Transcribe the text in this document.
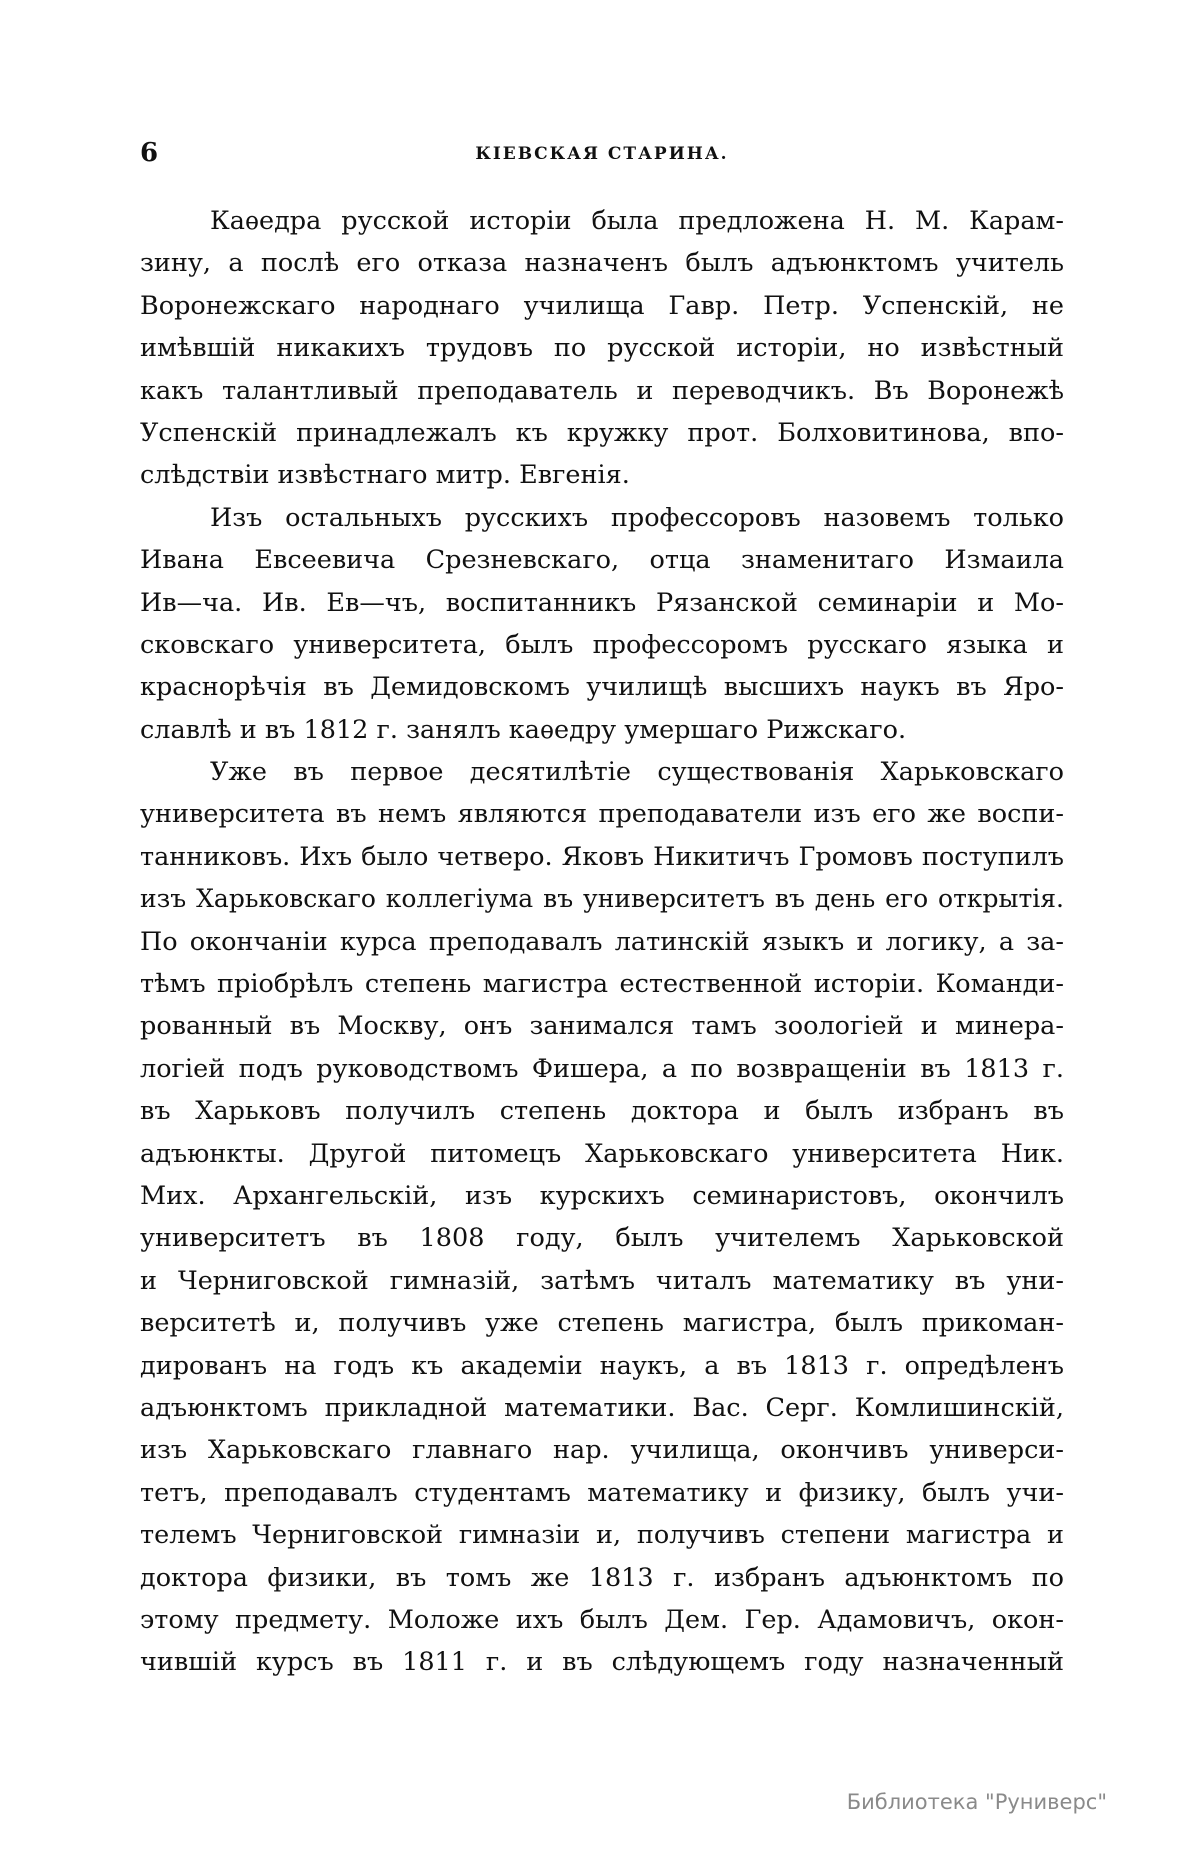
6	КІЕВСКАЯ СТАРИНА.
Каѳедра русской исторіи была предложена Н. М. Карам-
зину, а послѣ его отказа назначенъ былъ адъюнктомъ учитель
Воронежскаго народнаго училища Гавр. Петр. Успенскій, не
имѣвшій никакихъ трудовъ по русской исторіи, но извѣстный
какъ талантливый преподаватель и переводчикъ. Въ Воронежѣ
Успенскій принадлежалъ къ кружку прот. Болховитинова, впо-
слѣдствіи извѣстнаго митр. Евгенія.
Изъ остальныхъ русскихъ профессоровъ назовемъ только
Ивана Евсеевича Срезневскаго, отца знаменитаго Измаила
Ив—ча. Ив. Ев—чъ, воспитанникъ Рязанской семинаріи и Мо-
сковскаго университета, былъ профессоромъ русскаго языка и
краснорѣчія въ Демидовскомъ училищѣ высшихъ наукъ въ Яро-
славлѣ и въ 1812 г. занялъ каѳедру умершаго Рижскаго.
Уже въ первое десятилѣтіе существованія Харьковскаго
университета въ немъ являются преподаватели изъ его же воспи-
танниковъ. Ихъ было четверо. Яковъ Никитичъ Громовъ поступилъ
изъ Харьковскаго коллегіума въ университетъ въ день его открытія.
По окончаніи курса преподавалъ латинскій языкъ и логику, а за-
тѣмъ пріобрѣлъ степень магистра естественной исторіи. Команди-
рованный въ Москву, онъ занимался тамъ зоологіей и минера-
логіей подъ руководствомъ Фишера, а по возвращеніи въ 1813 г.
въ Харьковъ получилъ степень доктора и былъ избранъ въ
адъюнкты. Другой питомецъ Харьковскаго университета Ник.
Мих. Архангельскій, изъ курскихъ семинаристовъ, окончилъ
университетъ въ 1808 году, былъ учителемъ Харьковской
и Черниговской гимназій, затѣмъ читалъ математику въ уни-
верситетѣ и, получивъ уже степень магистра, былъ прикоман-
дированъ на годъ къ академіи наукъ, а въ 1813 г. опредѣленъ
адъюнктомъ прикладной математики. Вас. Серг. Комлишинскій,
изъ Харьковскаго главнаго нар. училища, окончивъ универси-
тетъ, преподавалъ студентамъ математику и физику, былъ учи-
телемъ Черниговской гимназіи и, получивъ степени магистра и
доктора физики, въ томъ же 1813 г. избранъ адъюнктомъ по
этому предмету. Моложе ихъ былъ Дем. Гер. Адамовичъ, окон-
чившій курсъ въ 1811 г. и въ слѣдующемъ году назначенный
Библиотека "Руниверс"
